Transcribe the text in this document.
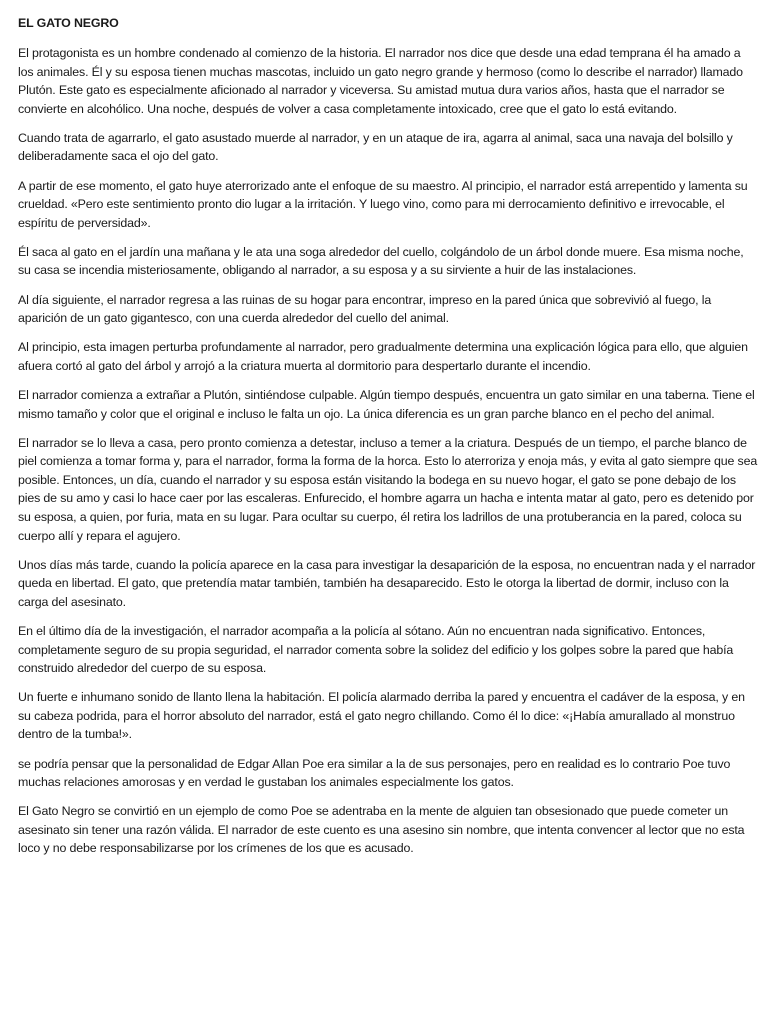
EL GATO NEGRO

El protagonista es un hombre condenado al comienzo de la historia. El narrador nos dice que desde una edad temprana él ha amado a los animales. Él y su esposa tienen muchas mascotas, incluido un gato negro grande y hermoso (como lo describe el narrador) llamado Plutón. Este gato es especialmente aficionado al narrador y viceversa. Su amistad mutua dura varios años, hasta que el narrador se convierte en alcohólico. Una noche, después de volver a casa completamente intoxicado, cree que el gato lo está evitando.

Cuando trata de agarrarlo, el gato asustado muerde al narrador, y en un ataque de ira, agarra al animal, saca una navaja del bolsillo y deliberadamente saca el ojo del gato.

A partir de ese momento, el gato huye aterrorizado ante el enfoque de su maestro. Al principio, el narrador está arrepentido y lamenta su crueldad. «Pero este sentimiento pronto dio lugar a la irritación. Y luego vino, como para mi derrocamiento definitivo e irrevocable, el espíritu de perversidad».

Él saca al gato en el jardín una mañana y le ata una soga alrededor del cuello, colgándolo de un árbol donde muere. Esa misma noche, su casa se incendia misteriosamente, obligando al narrador, a su esposa y a su sirviente a huir de las instalaciones.

Al día siguiente, el narrador regresa a las ruinas de su hogar para encontrar, impreso en la pared única que sobrevivió al fuego, la aparición de un gato gigantesco, con una cuerda alrededor del cuello del animal.

Al principio, esta imagen perturba profundamente al narrador, pero gradualmente determina una explicación lógica para ello, que alguien afuera cortó al gato del árbol y arrojó a la criatura muerta al dormitorio para despertarlo durante el incendio.

El narrador comienza a extrañar a Plutón, sintiéndose culpable. Algún tiempo después, encuentra un gato similar en una taberna. Tiene el mismo tamaño y color que el original e incluso le falta un ojo. La única diferencia es un gran parche blanco en el pecho del animal.

El narrador se lo lleva a casa, pero pronto comienza a detestar, incluso a temer a la criatura. Después de un tiempo, el parche blanco de piel comienza a tomar forma y, para el narrador, forma la forma de la horca. Esto lo aterroriza y enoja más, y evita al gato siempre que sea posible. Entonces, un día, cuando el narrador y su esposa están visitando la bodega en su nuevo hogar, el gato se pone debajo de los pies de su amo y casi lo hace caer por las escaleras. Enfurecido, el hombre agarra un hacha e intenta matar al gato, pero es detenido por su esposa, a quien, por furia, mata en su lugar. Para ocultar su cuerpo, él retira los ladrillos de una protuberancia en la pared, coloca su cuerpo allí y repara el agujero.

Unos días más tarde, cuando la policía aparece en la casa para investigar la desaparición de la esposa, no encuentran nada y el narrador queda en libertad. El gato, que pretendía matar también, también ha desaparecido. Esto le otorga la libertad de dormir, incluso con la carga del asesinato.

En el último día de la investigación, el narrador acompaña a la policía al sótano. Aún no encuentran nada significativo. Entonces, completamente seguro de su propia seguridad, el narrador comenta sobre la solidez del edificio y los golpes sobre la pared que había construido alrededor del cuerpo de su esposa.

Un fuerte e inhumano sonido de llanto llena la habitación. El policía alarmado derriba la pared y encuentra el cadáver de la esposa, y en su cabeza podrida, para el horror absoluto del narrador, está el gato negro chillando. Como él lo dice: «¡Había amurallado al monstruo dentro de la tumba!».

se podría pensar que la personalidad de Edgar Allan Poe era similar a la de sus personajes, pero en realidad es lo contrario Poe tuvo muchas relaciones amorosas y en verdad le gustaban los animales especialmente los gatos.

El Gato Negro se convirtió en un ejemplo de como Poe se adentraba en la mente de alguien tan obsesionado que puede cometer un asesinato sin tener una razón válida. El narrador de este cuento es una asesino sin nombre, que intenta convencer al lector que no esta loco y no debe responsabilizarse por los crímenes de los que es acusado.
